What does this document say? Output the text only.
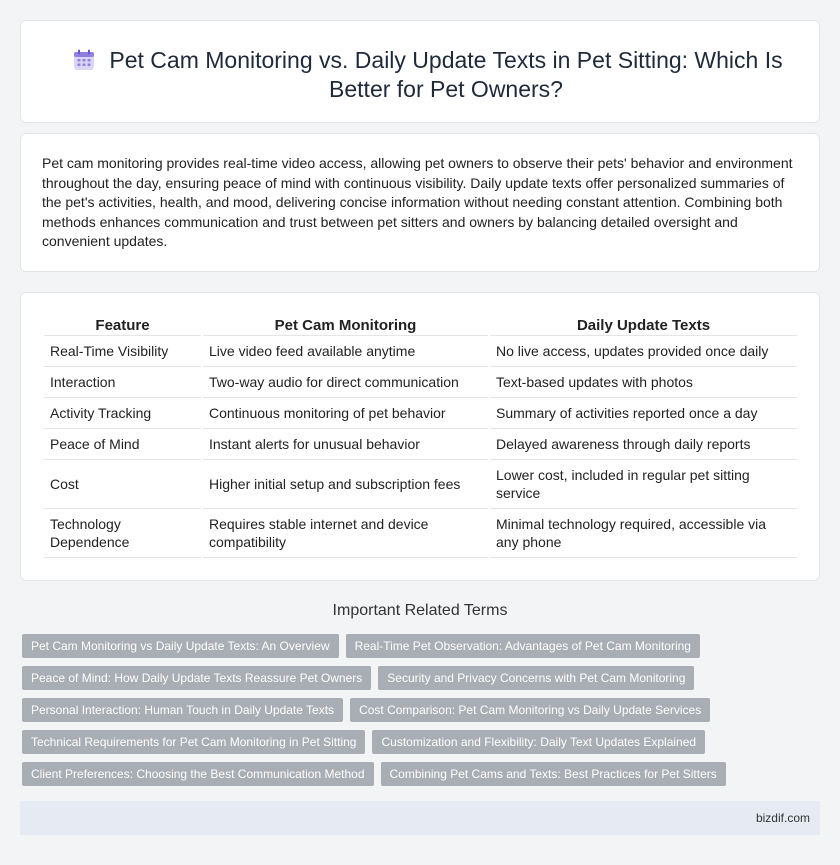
Pet Cam Monitoring vs. Daily Update Texts in Pet Sitting: Which Is Better for Pet Owners?

Pet cam monitoring provides real-time video access, allowing pet owners to observe their pets' behavior and environment throughout the day, ensuring peace of mind with continuous visibility. Daily update texts offer personalized summaries of the pet's activities, health, and mood, delivering concise information without needing constant attention. Combining both methods enhances communication and trust between pet sitters and owners by balancing detailed oversight and convenient updates.

Feature	Pet Cam Monitoring	Daily Update Texts
Real-Time Visibility	Live video feed available anytime	No live access, updates provided once daily
Interaction	Two-way audio for direct communication	Text-based updates with photos
Activity Tracking	Continuous monitoring of pet behavior	Summary of activities reported once a day
Peace of Mind	Instant alerts for unusual behavior	Delayed awareness through daily reports
Cost	Higher initial setup and subscription fees	Lower cost, included in regular pet sitting service
Technology Dependence	Requires stable internet and device compatibility	Minimal technology required, accessible via any phone
Important Related Terms
Pet Cam Monitoring vs Daily Update Texts: An Overview	Real-Time Pet Observation: Advantages of Pet Cam Monitoring
Peace of Mind: How Daily Update Texts Reassure Pet Owners	Security and Privacy Concerns with Pet Cam Monitoring
Personal Interaction: Human Touch in Daily Update Texts	Cost Comparison: Pet Cam Monitoring vs Daily Update Services
Technical Requirements for Pet Cam Monitoring in Pet Sitting	Customization and Flexibility: Daily Text Updates Explained
Client Preferences: Choosing the Best Communication Method	Combining Pet Cams and Texts: Best Practices for Pet Sitters
bizdif.com
